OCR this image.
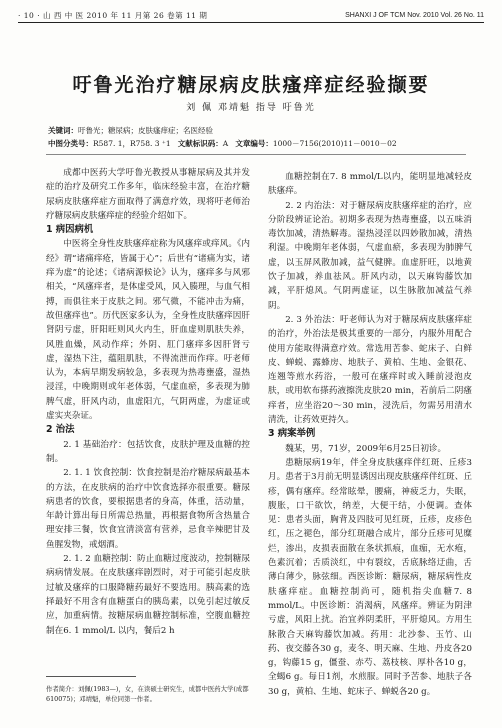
· 10 · 山 西 中 医 2010 年 11 月第 26 卷第 11 期	SHANXI J OF TCM Nov. 2010 Vol. 26 No. 11
吁鲁光治疗糖尿病皮肤瘙痒症经验撷要
刘 佩 邓靖魁 指导 吁鲁光
关键词：吁鲁光；糖尿病；皮肤瘙痒症；名医经验
中图分类号：R587. 1，R758. 3 ⁺1 文献标识码：A 文章编号：1000－7156(2010)11－0010－02

成都中医药大学吁鲁光教授从事糖尿病及其并发症的治疗及研究工作多年，临床经验丰富，在治疗糖尿病皮肤瘙痒症方面取得了满意疗效，现将吁老师治疗糖尿病皮肤瘙痒症的经验介绍如下。

1 病因病机

中医将全身性皮肤瘙痒症称为风瘙痒或痒风。《内经》谓“诸痛痒疮，皆属于心”；后世有“诸痛为实，诸痒为虚”的论述；《诸病源候论》认为，瘙痒多与风邪相关，“风瘙痒者，是体虚受风，风入腠理，与血气相搏，而俱往来于皮肤之间。邪气微，不能冲击为痛，故但瘙痒也”。历代医家多认为，全身性皮肤瘙痒因肝肾阴亏虚，肝阳旺则风火内生，肝血虚则肌肤失养，风胜血燥，风动作痒；外阴、肛门瘙痒多因肝肾亏虚，湿热下注，蕴阻肌肤，不得流泄而作痒。吁老师认为，本病早期发病较急，多表现为热毒壅盛，湿热浸淫，中晚期则或年老体弱，气虚血瘀，多表现为肺脾气虚，肝风内动，血虚阳亢，气阴两虚，为虚证或虚实夹杂证。

2 治法

2. 1 基础治疗：包括饮食，皮肤护理及血糖的控制。

2. 1. 1 饮食控制：饮食控制是治疗糖尿病最基本的方法，在皮肤病的治疗中饮食选择亦很重要。糖尿病患者的饮食，要根据患者的身高，体重，活动量，年龄计算出每日所需总热量，再根据食物所含热量合理安排三餐，饮食宜清淡富有营养，忌食辛辣肥甘及鱼腥发物，戒烟酒。

2. 1. 2 血糖控制：防止血糖过度波动，控制糖尿病病情发展。在皮肤瘙痒剧烈时，对于可能引起皮肤过敏及瘙痒的口服降糖药最好不要选用。胰高素的选择最好不用含有血糖蛋白的胰岛素，以免引起过敏反应，加重病情。按糖尿病血糖控制标准，空腹血糖控制在6. 1 mmol/L 以内，餐后2 h

血糖控制在7. 8 mmol/L以内，能明显地减轻皮肤瘙痒。

2. 2 内治法：对于糖尿病皮肤瘙痒症的治疗，应分阶段辨证论治。初期多表现为热毒壅盛，以五味消毒饮加减，清热解毒。湿热浸淫以四妙散加减，清热利湿。中晚期年老体弱，气虚血瘀，多表现为肺脾气虚，以玉屏风散加减，益气健脾。血虚肝旺，以地黄饮子加减，养血祛风。肝风内动，以天麻钩藤饮加减，平肝熄风。气阴两虚证，以生脉散加减益气养阴。

2. 3 外治法：吁老师认为对于糖尿病皮肤瘙痒症的治疗，外治法是极其重要的一部分，内服外用配合使用方能取得满意疗效。常选用苦参、蛇床子、白鲜皮、蝉蜕、露蜂房、地肤子、黄柏、生地、金银花、连翘等煎水药浴，一般可在瘙痒时或入睡前浸泡皮肤，或用软布搽药液擦洗皮肤20 min，若前后二阴瘙痒者，应坐浴20～30 min，浸洗后，勿需另用清水清洗，让药效更持久。

3 病案举例

魏某，男，71岁，2009年6月25日初诊。

患糖尿病19年，伴全身皮肤瘙痒伴红斑、丘疹3月。患者于3月前无明显诱因出现皮肤瘙痒伴红斑、丘疹，偶有瘙痒。经常眩晕，腰痛，神疲乏力，失眠，腹胀，口干欲饮，纳差，大便干结，小便调。查体见：患者头面，胸背及四肢可见红斑，丘疹，皮疹色红，压之褪色，部分红斑融合成片，部分丘疹可见糜烂，渗出，皮损表面散在条状抓痕，血痂，无水疱，色素沉着；舌质淡红，中有裂纹，舌底脉络迂曲，舌薄白薄少，脉弦细。西医诊断：糖尿病，糖尿病性皮肤瘙痒症。血糖控制尚可，随机指尖血糖7. 8 mmol/L。中医诊断：消渴病，风瘙痒。辨证为阴津亏虚，风阳上扰。治宜养阴柔肝，平肝熄风。方用生脉散合天麻钩藤饮加减。药用：北沙参、玉竹、山药、夜交藤各30 g，麦冬、明天麻、生地、丹皮各20 g，钩藤15 g，僵蚕、赤芍、荔枝核、厚朴各10 g，全蝎6 g。每日1剂，水煎服。同时予苦参、地肤子各30 g，黄柏、生地、蛇床子、蝉蜕各20 g。

作者简介：刘佩(1983—)，女，在读硕士研究生，成都中医药大学(成都 610075)；邓靖魁，单位同第一作者。
